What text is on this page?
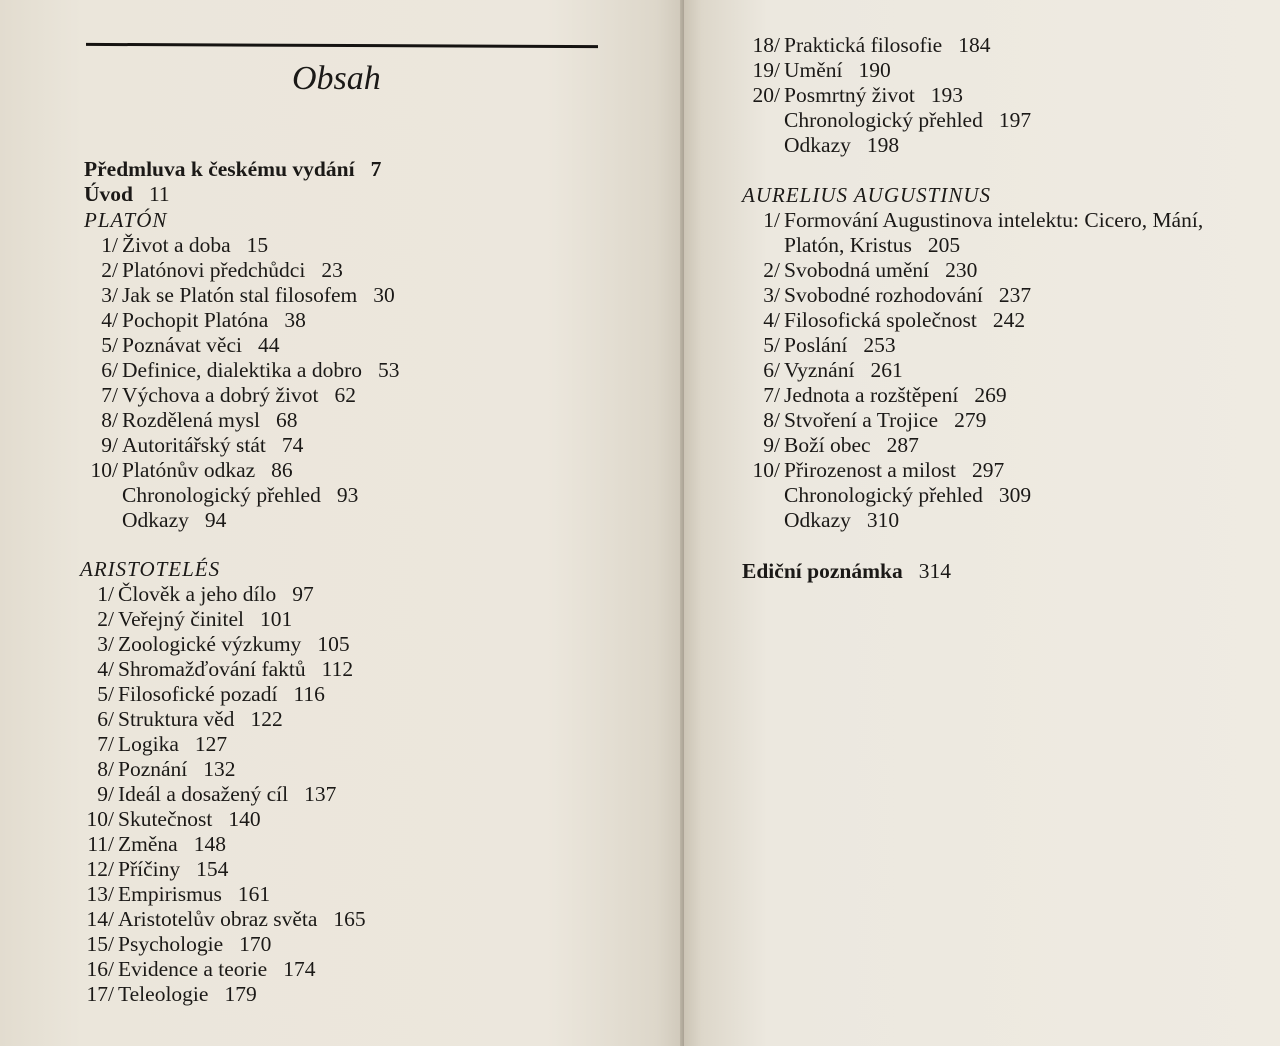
Obsah
Předmluva k českému vydání 7
Úvod 11
PLATÓN
1/ Život a doba 15
2/ Platónovi předchůdci 23
3/ Jak se Platón stal filosofem 30
4/ Pochopit Platóna 38
5/ Poznávat věci 44
6/ Definice, dialektika a dobro 53
7/ Výchova a dobrý život 62
8/ Rozdělená mysl 68
9/ Autoritářský stát 74
10/ Platónův odkaz 86
Chronologický přehled 93
Odkazy 94
ARISTOTELÉS
1/ Člověk a jeho dílo 97
2/ Veřejný činitel 101
3/ Zoologické výzkumy 105
4/ Shromažďování faktů 112
5/ Filosofické pozadí 116
6/ Struktura věd 122
7/ Logika 127
8/ Poznání 132
9/ Ideál a dosažený cíl 137
10/ Skutečnost 140
11/ Změna 148
12/ Příčiny 154
13/ Empirismus 161
14/ Aristotelův obraz světa 165
15/ Psychologie 170
16/ Evidence a teorie 174
17/ Teleologie 179
18/ Praktická filosofie 184
19/ Umění 190
20/ Posmrtný život 193
Chronologický přehled 197
Odkazy 198
AURELIUS AUGUSTINUS
1/ Formování Augustinova intelektu: Cicero, Mání,
Platón, Kristus 205
2/ Svobodná umění 230
3/ Svobodné rozhodování 237
4/ Filosofická společnost 242
5/ Poslání 253
6/ Vyznání 261
7/ Jednota a rozštěpení 269
8/ Stvoření a Trojice 279
9/ Boží obec 287
10/ Přirozenost a milost 297
Chronologický přehled 309
Odkazy 310
Ediční poznámka 314
